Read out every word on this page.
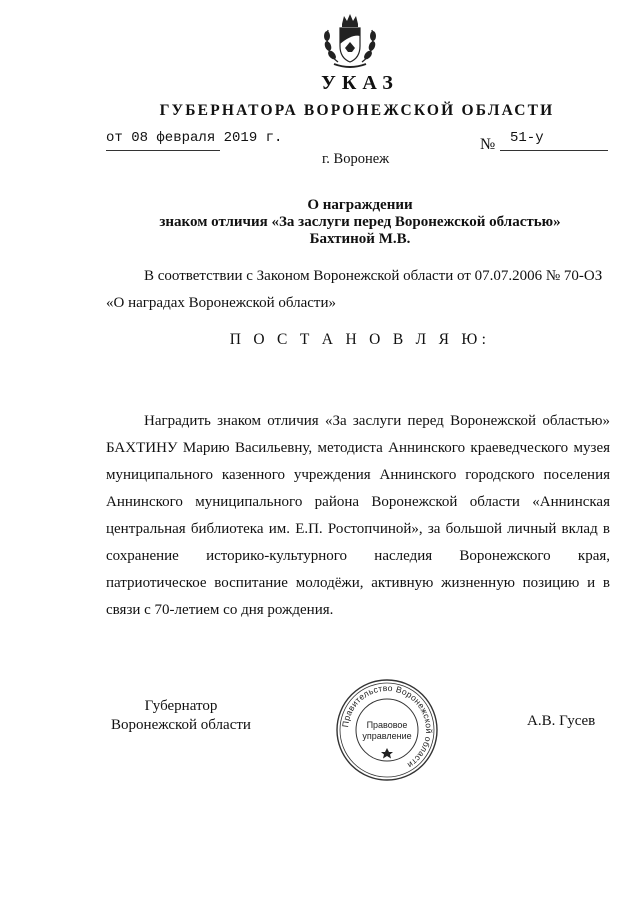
УКАЗ
ГУБЕРНАТОРА ВОРОНЕЖСКОЙ ОБЛАСТИ
от 08 февраля 2019 г.	№ 51-у
г. Воронеж
О награждении
знаком отличия «За заслуги перед Воронежской областью»
Бахтиной М.В.
В соответствии с Законом Воронежской области от 07.07.2006 № 70-ОЗ
«О наградах Воронежской области»
П О С Т А Н О В Л Я Ю:
Наградить знаком отличия «За заслуги перед Воронежской областью» БАХТИНУ Марию Васильевну, методиста Аннинского краеведческого музея муниципального казенного учреждения Аннинского городского поселения Аннинского муниципального района Воронежской области «Аннинская центральная библиотека им. Е.П. Ростопчиной», за большой личный вклад в сохранение историко-культурного наследия Воронежского края, патриотическое воспитание молодёжи, активную жизненную позицию и в связи с 70-летием со дня рождения.
Губернатор
Воронежской области	Правительство Воронежской области
Правовое
управление
А.В. Гусев
